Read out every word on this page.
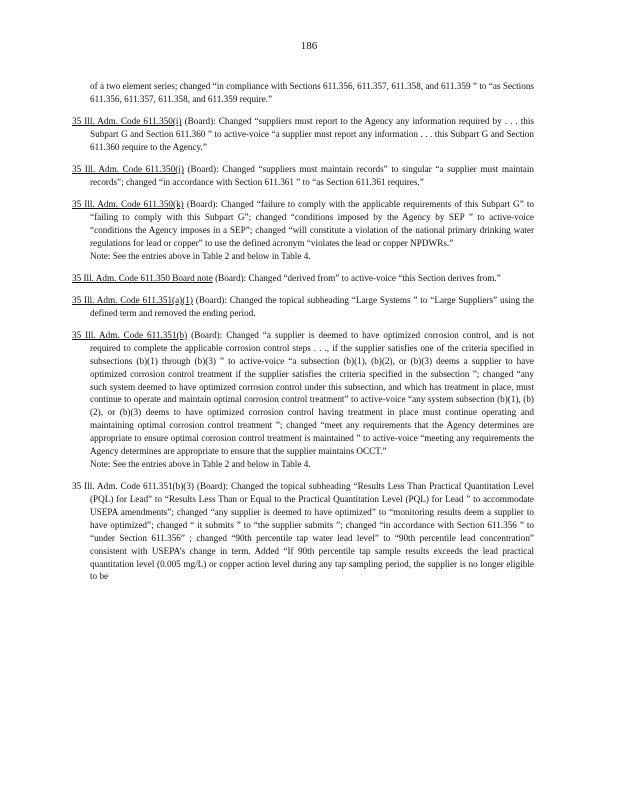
186

of a two element series; changed “in compliance with Sections 611.356, 611.357, 611.358, and 611.359 ” to “as Sections 611.356, 611.357, 611.358, and 611.359 require.”

35 Ill. Adm. Code 611.350(i) (Board): Changed “suppliers must report to the Agency any information required by . . . this Subpart G and Section 611.360 ” to active-voice “a supplier must report any information . . . this Subpart G and Section 611.360 require to the Agency.”

35 Ill. Adm. Code 611.350(j) (Board): Changed “suppliers must maintain records” to singular “a supplier must maintain records”; changed “in accordance with Section 611.361 ” to “as Section 611.361 requires.”

35 Ill. Adm. Code 611.350(k) (Board): Changed “failure to comply with the applicable requirements of this Subpart G” to “failing to comply with this Subpart G”; changed “conditions imposed by the Agency by SEP ” to active-voice “conditions the Agency imposes in a SEP”; changed “will constitute a violation of the national primary drinking water regulations for lead or copper” to use the defined acronym “violates the lead or copper NPDWRs.”
Note: See the entries above in Table 2 and below in Table 4.

35 Ill. Adm. Code 611.350 Board note (Board): Changed “derived from” to active-voice “this Section derives from.”

35 Ill. Adm. Code 611.351(a)(1) (Board): Changed the topical subheading “Large Systems ” to “Large Suppliers” using the defined term and removed the ending period.

35 Ill. Adm. Code 611.351(b) (Board): Changed “a supplier is deemed to have optimized corrosion control, and is not required to complete the applicable corrosion control steps . . ., if the supplier satisfies one of the criteria specified in subsections (b)(1) through (b)(3) ” to active-voice “a subsection (b)(1), (b)(2), or (b)(3) deems a supplier to have optimized corrosion control treatment if the supplier satisfies the criteria specified in the subsection ”; changed “any such system deemed to have optimized corrosion control under this subsection, and which has treatment in place, must continue to operate and maintain optimal corrosion control treatment” to active-voice “any system subsection (b)(1), (b)(2), or (b)(3) deems to have optimized corrosion control having treatment in place must continue operating and maintaining optimal corrosion control treatment ”; changed “meet any requirements that the Agency determines are appropriate to ensure optimal corrosion control treatment is maintained ” to active-voice “meeting any requirements the Agency determines are appropriate to ensure that the supplier maintains OCCT.”
Note: See the entries above in Table 2 and below in Table 4.

35 Ill. Adm. Code 611.351(b)(3) (Board): Changed the topical subheading “Results Less Than Practical Quantitation Level (PQL) for Lead” to “Results Less Than or Equal to the Practical Quantitation Level (PQL) for Lead ” to accommodate USEPA amendments”; changed “any supplier is deemed to have optimized” to “monitoring results deem a supplier to have optimized”; changed “ it submits ” to “the supplier submits ”; changed “in accordance with Section 611.356 ” to “under Section 611.356” ; changed “90th percentile tap water lead level” to “90th percentile lead concentration” consistent with USEPA’s change in term. Added “If 90th percentile tap sample results exceeds the lead practical quantitation level (0.005 mg/L) or copper action level during any tap sampling period, the supplier is no longer eligible to be
